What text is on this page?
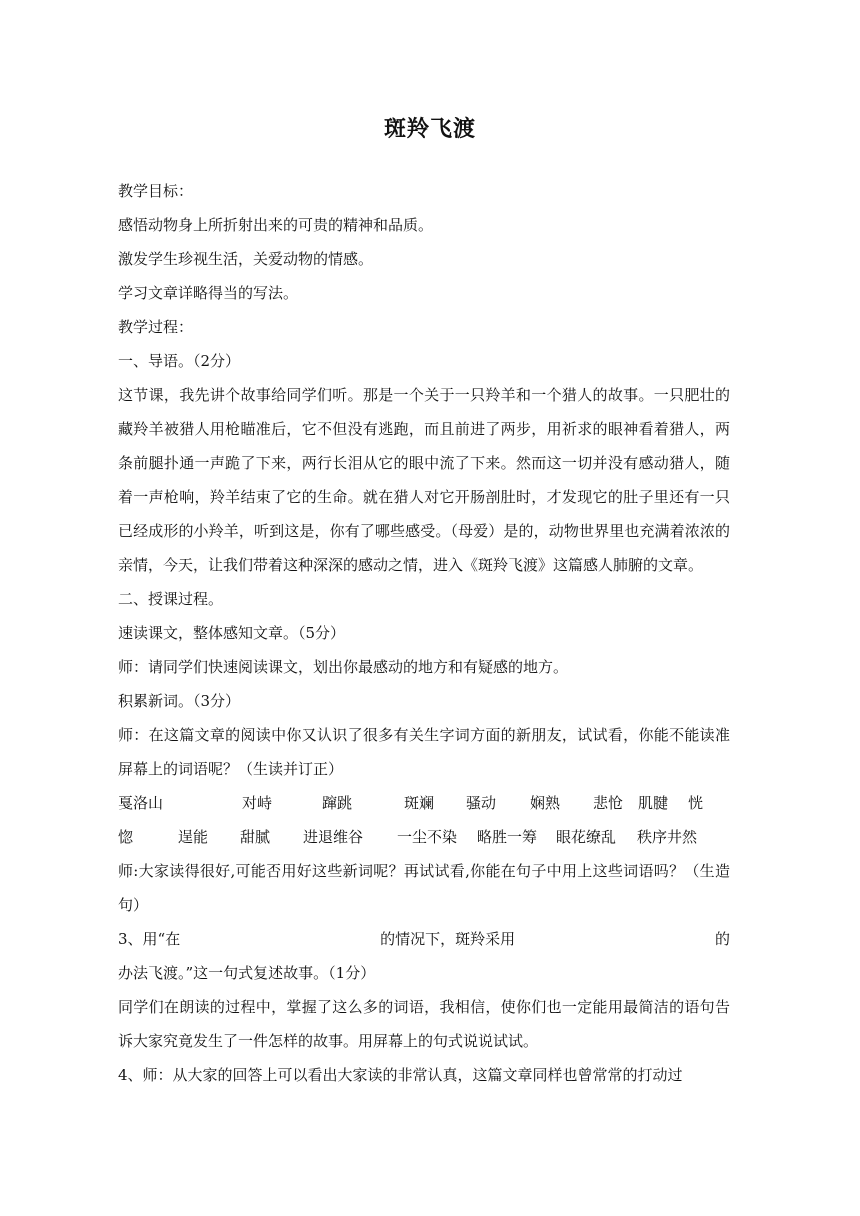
斑羚飞渡

教学目标：

感悟动物身上所折射出来的可贵的精神和品质。

激发学生珍视生活，关爱动物的情感。

学习文章详略得当的写法。

教学过程：

一、导语。（2分）

这节课，我先讲个故事给同学们听。那是一个关于一只羚羊和一个猎人的故事。一只肥壮的藏羚羊被猎人用枪瞄准后，它不但没有逃跑，而且前进了两步，用祈求的眼神看着猎人，两条前腿扑通一声跪了下来，两行长泪从它的眼中流了下来。然而这一切并没有感动猎人，随着一声枪响，羚羊结束了它的生命。就在猎人对它开肠剖肚时，才发现它的肚子里还有一只已经成形的小羚羊，听到这是，你有了哪些感受。（母爱）是的，动物世界里也充满着浓浓的亲情，今天，让我们带着这种深深的感动之情，进入《斑羚飞渡》这篇感人肺腑的文章。

二、授课过程。

速读课文，整体感知文章。（5分）

师：请同学们快速阅读课文，划出你最感动的地方和有疑感的地方。

积累新词。（3分）

师：在这篇文章的阅读中你又认识了很多有关生字词方面的新朋友，试试看，你能不能读准屏幕上的词语呢？（生读并订正）

戛洛山	对峙	蹿跳	斑斓 骚动 娴熟 悲怆 肌腱 恍

惚	逞能 甜腻 进退维谷 一尘不染 略胜一筹 眼花缭乱 秩序井然

师:大家读得很好,可能否用好这些新词呢？再试试看,你能在句子中用上这些词语吗？（生造句）

3、用“在	的情况下，斑羚采用	的

办法飞渡。”这一句式复述故事。（1分）

同学们在朗读的过程中，掌握了这么多的词语，我相信，使你们也一定能用最简洁的语句告诉大家究竟发生了一件怎样的故事。用屏幕上的句式说说试试。

4、师：从大家的回答上可以看出大家读的非常认真，这篇文章同样也曾常常的打动过
